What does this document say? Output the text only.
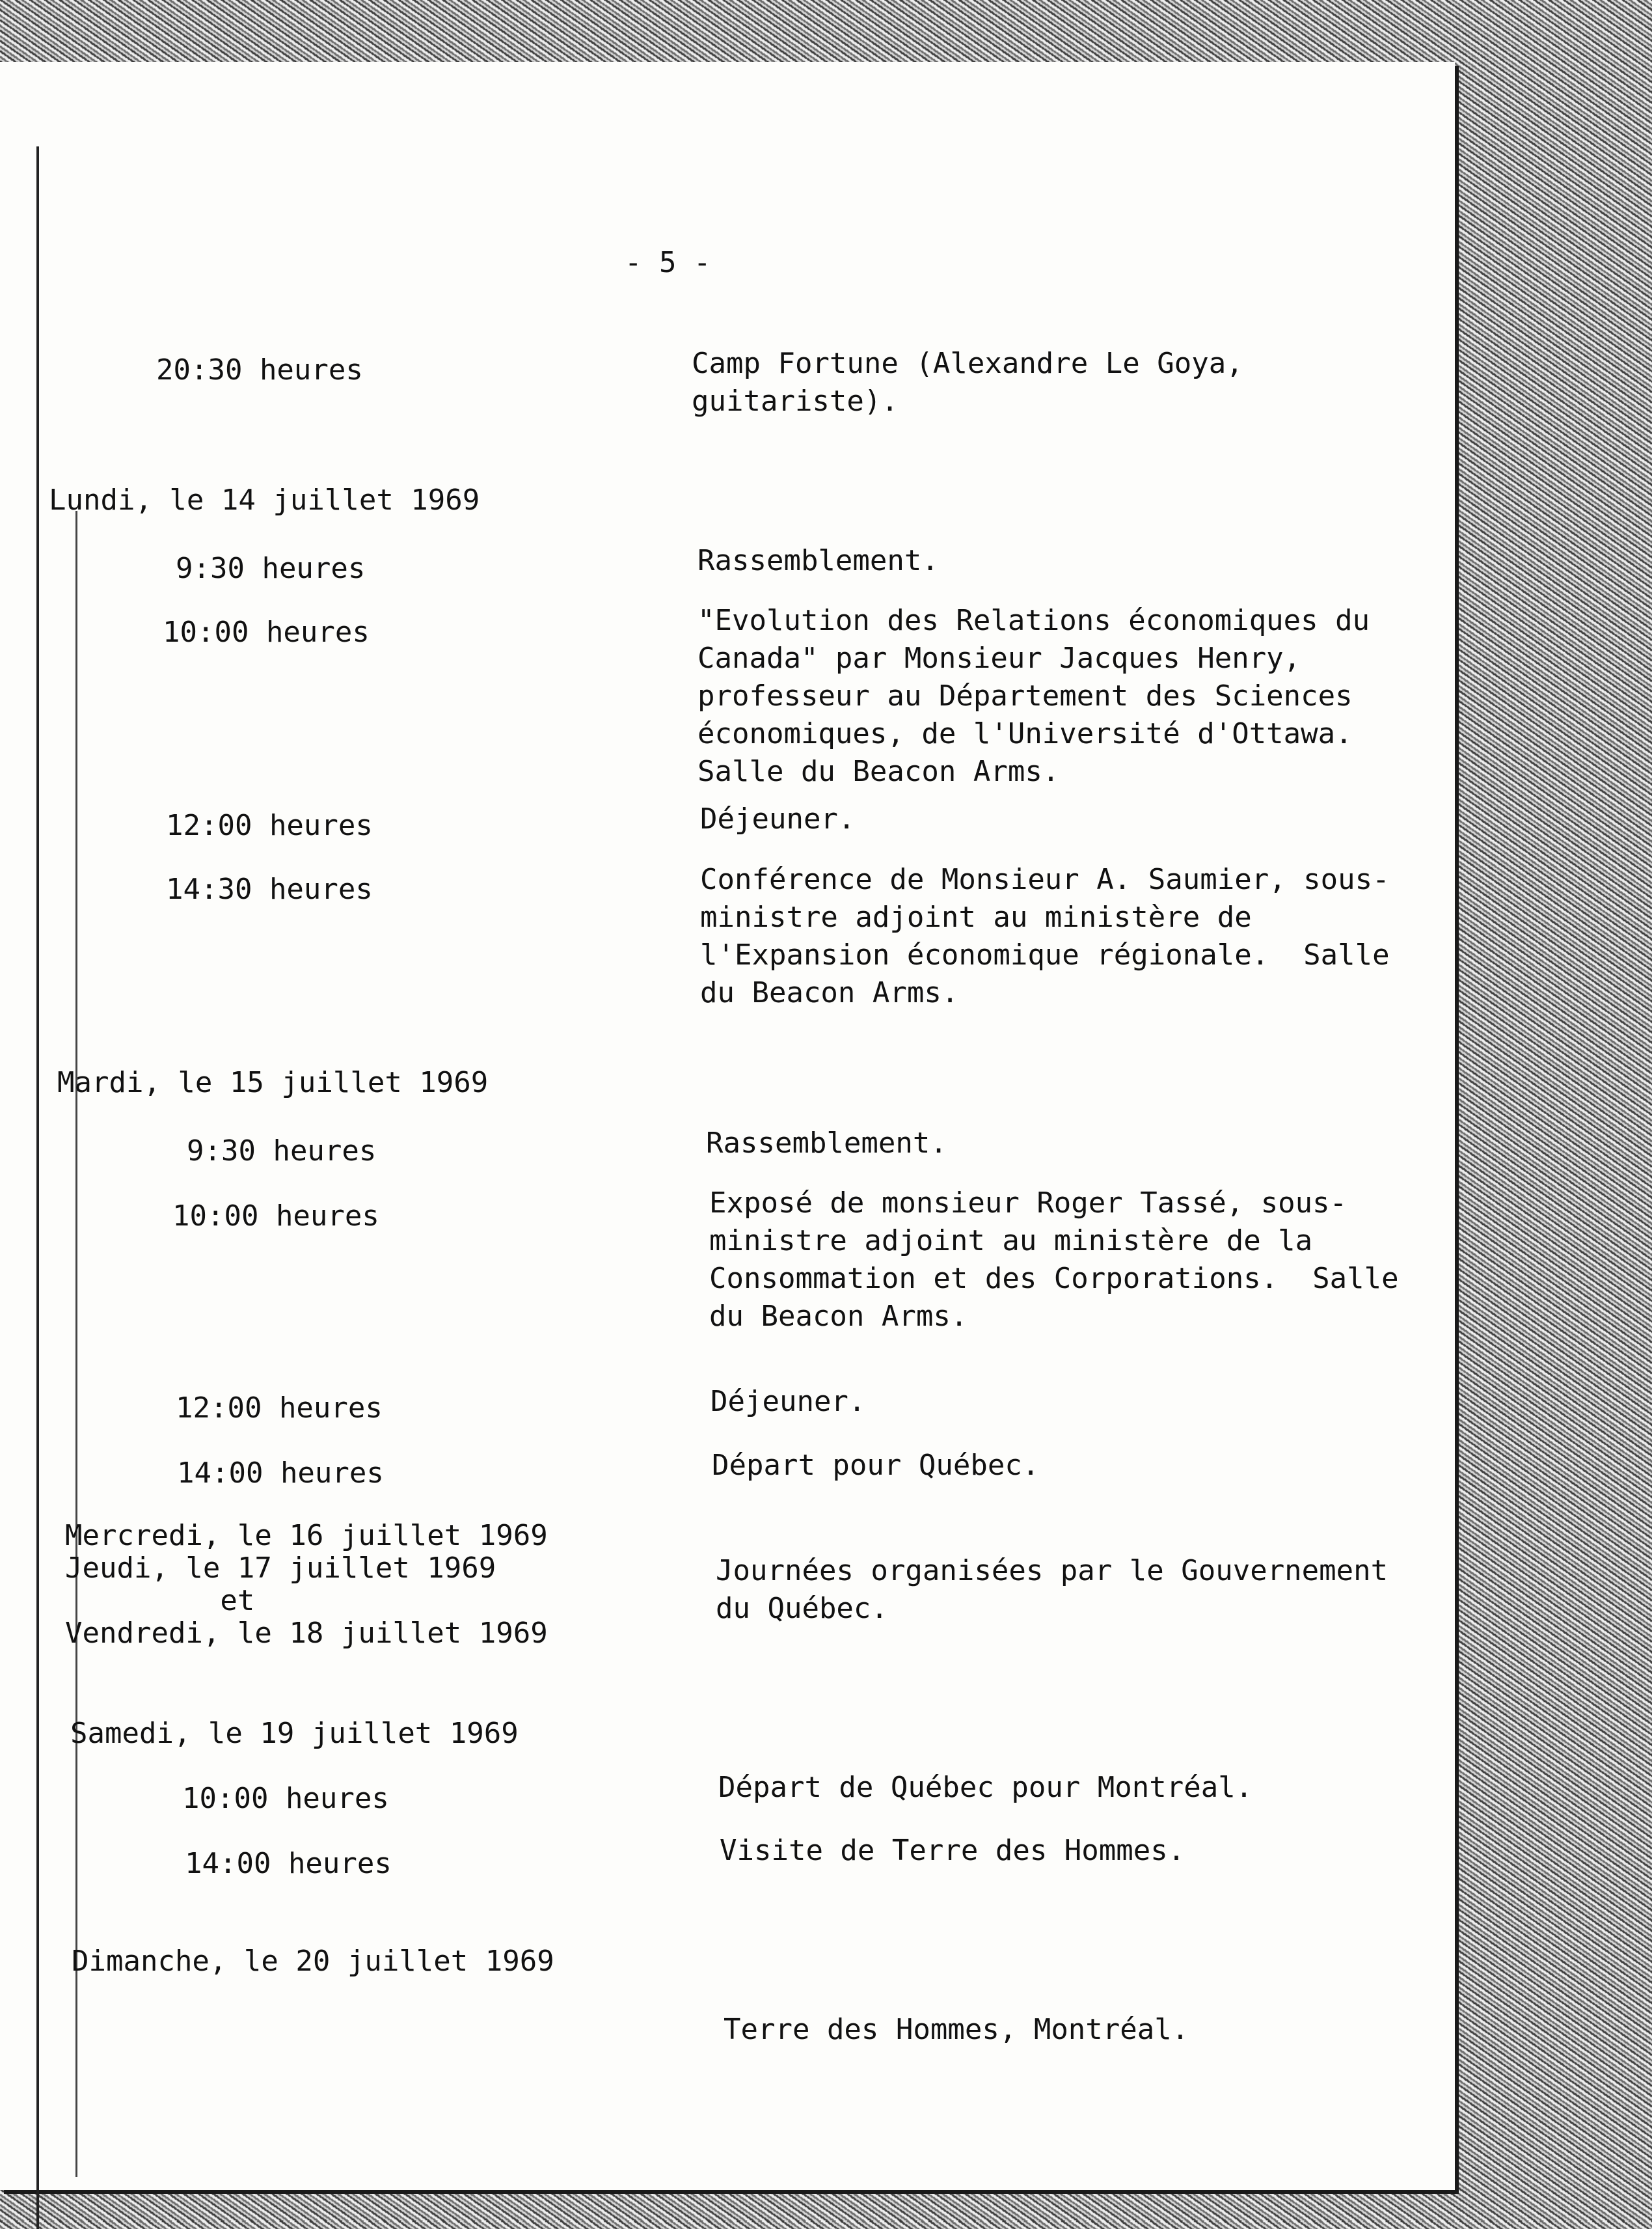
- 5 -
20:30 heures	Camp Fortune (Alexandre Le Goya,
guitariste).
Lundi, le 14 juillet 1969
9:30 heures	Rassemblement.
10:00 heures	"Evolution des Relations économiques du
Canada" par Monsieur Jacques Henry,
professeur au Département des Sciences
économiques, de l'Université d'Ottawa.
Salle du Beacon Arms.
12:00 heures	Déjeuner.
14:30 heures	Conférence de Monsieur A. Saumier, sous-
ministre adjoint au ministère de
l'Expansion économique régionale.  Salle
du Beacon Arms.
Mardi, le 15 juillet 1969
9:30 heures	Rassemblement.
10:00 heures	Exposé de monsieur Roger Tassé, sous-
ministre adjoint au ministère de la
Consommation et des Corporations.  Salle
du Beacon Arms.
12:00 heures	Déjeuner.
14:00 heures	Départ pour Québec.
Mercredi, le 16 juillet 1969
Jeudi, le 17 juillet 1969
et
Vendredi, le 18 juillet 1969
Journées organisées par le Gouvernement
du Québec.
Samedi, le 19 juillet 1969
10:00 heures	Départ de Québec pour Montréal.
14:00 heures	Visite de Terre des Hommes.
Dimanche, le 20 juillet 1969
Terre des Hommes, Montréal.
